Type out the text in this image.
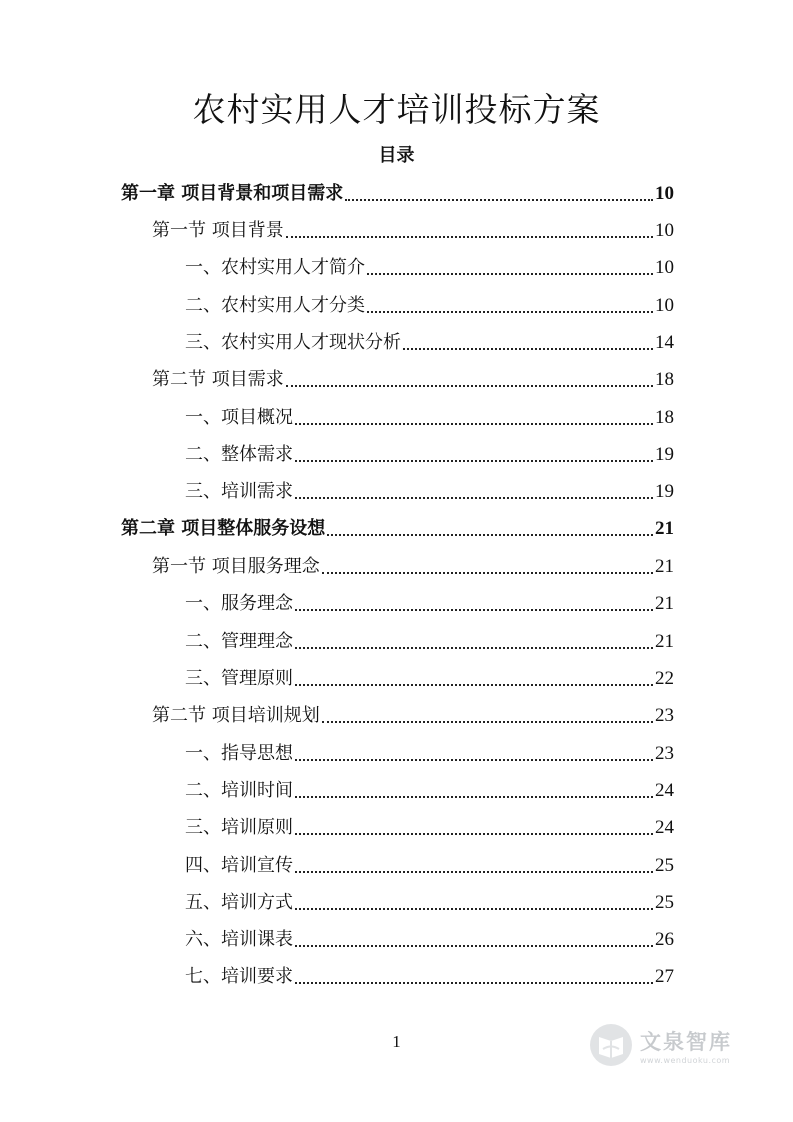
农村实用人才培训投标方案
目录
第一章 项目背景和项目需求	10
第一节 项目背景	10
一、农村实用人才简介	10
二、农村实用人才分类	10
三、农村实用人才现状分析	14
第二节 项目需求	18
一、项目概况	18
二、整体需求	19
三、培训需求	19
第二章 项目整体服务设想	21
第一节 项目服务理念	21
一、服务理念	21
二、管理理念	21
三、管理原则	22
第二节 项目培训规划	23
一、指导思想	23
二、培训时间	24
三、培训原则	24
四、培训宣传	25
五、培训方式	25
六、培训课表	26
七、培训要求	27
1	文泉智库
www.wenduoku.com
